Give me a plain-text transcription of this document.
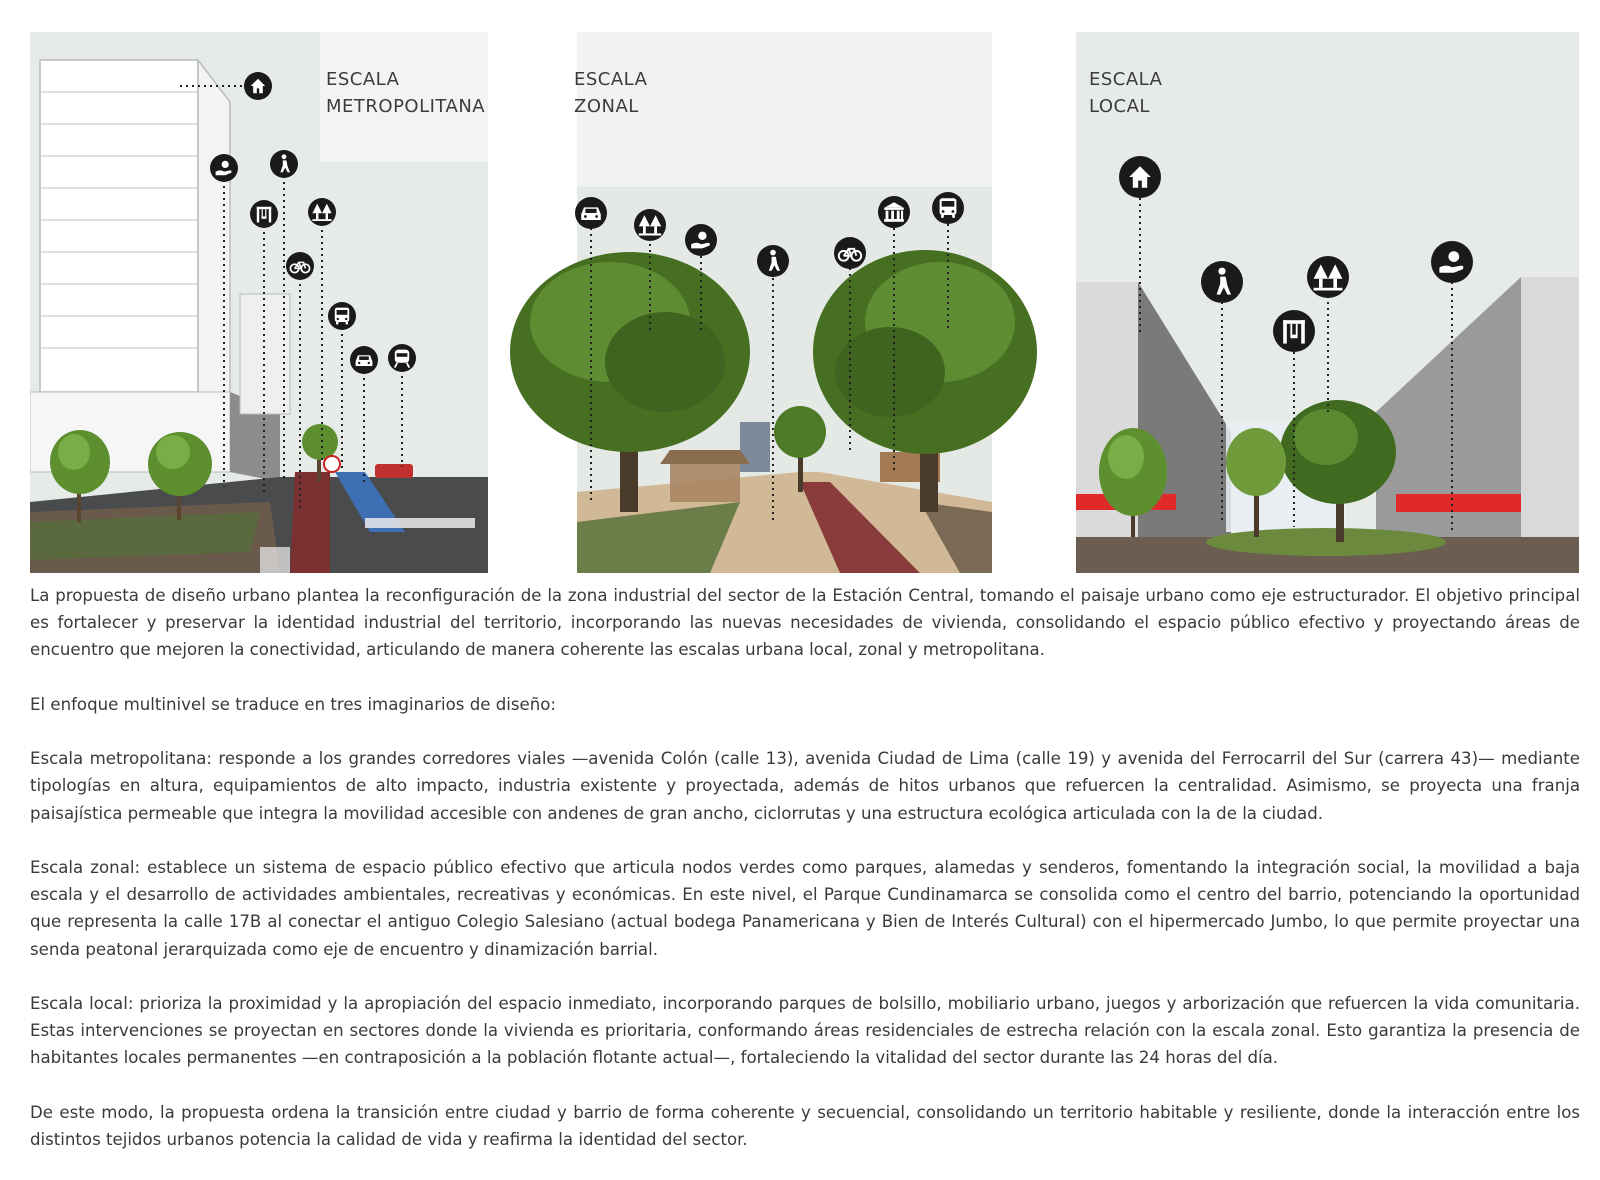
ESCALA
METROPOLITANA
ESCALA
ZONAL
ESCALA
LOCAL

La propuesta de diseño urbano plantea la reconfiguración de la zona industrial del sector de la Estación Central, tomando el paisaje urbano como eje estructurador. El objetivo principal es fortalecer y preservar la identidad industrial del territorio, incorporando las nuevas necesidades de vivienda, consolidando el espacio público efectivo y proyectando áreas de encuentro que mejoren la conectividad, articulando de manera coherente las escalas urbana local, zonal y metropolitana.

El enfoque multinivel se traduce en tres imaginarios de diseño:

Escala metropolitana: responde a los grandes corredores viales —avenida Colón (calle 13), avenida Ciudad de Lima (calle 19) y avenida del Ferrocarril del Sur (carrera 43)— mediante tipologías en altura, equipamientos de alto impacto, industria existente y proyectada, además de hitos urbanos que refuercen la centralidad. Asimismo, se proyecta una franja paisajística permeable que integra la movilidad accesible con andenes de gran ancho, ciclorrutas y una estructura ecológica articulada con la de la ciudad.

Escala zonal: establece un sistema de espacio público efectivo que articula nodos verdes como parques, alamedas y senderos, fomentando la integración social, la movilidad a baja escala y el desarrollo de actividades ambientales, recreativas y económicas. En este nivel, el Parque Cundinamarca se consolida como el centro del barrio, potenciando la oportunidad que representa la calle 17B al conectar el antiguo Colegio Salesiano (actual bodega Panamericana y Bien de Interés Cultural) con el hipermercado Jumbo, lo que permite proyectar una senda peatonal jerarquizada como eje de encuentro y dinamización barrial.

Escala local: prioriza la proximidad y la apropiación del espacio inmediato, incorporando parques de bolsillo, mobiliario urbano, juegos y arborización que refuercen la vida comunitaria. Estas intervenciones se proyectan en sectores donde la vivienda es prioritaria, conformando áreas residenciales de estrecha relación con la escala zonal. Esto garantiza la presencia de habitantes locales permanentes —en contraposición a la población flotante actual—, fortaleciendo la vitalidad del sector durante las 24 horas del día.

De este modo, la propuesta ordena la transición entre ciudad y barrio de forma coherente y secuencial, consolidando un territorio habitable y resiliente, donde la interacción entre los distintos tejidos urbanos potencia la calidad de vida y reafirma la identidad del sector.
